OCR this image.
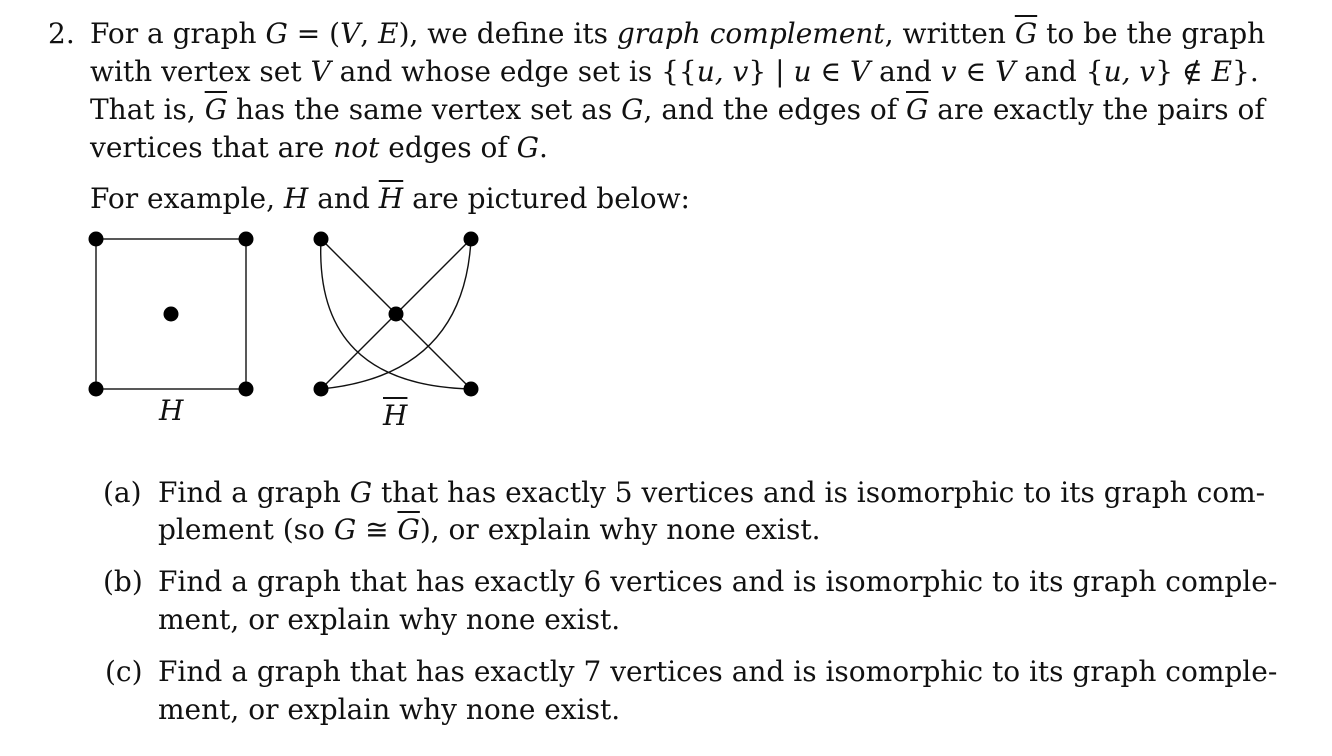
2. For a graph G = (V, E), we define its graph complement, written $\overline{G}$ to be the graph
with vertex set V and whose edge set is {{u, v} | u ∈ V and v ∈ V and {u, v} ∉ E}.
That is, $\overline{G}$ has the same vertex set as G, and the edges of $\overline{G}$ are exactly the pairs of
vertices that are not edges of G.
For example, H and $\overline{H}$ are pictured below:
H	$\overline{H}$
(a) Find a graph G that has exactly 5 vertices and is isomorphic to its graph com-
plement (so G ≅ $\overline{G}$), or explain why none exist.
(b) Find a graph that has exactly 6 vertices and is isomorphic to its graph comple-
ment, or explain why none exist.
(c) Find a graph that has exactly 7 vertices and is isomorphic to its graph comple-
ment, or explain why none exist.
